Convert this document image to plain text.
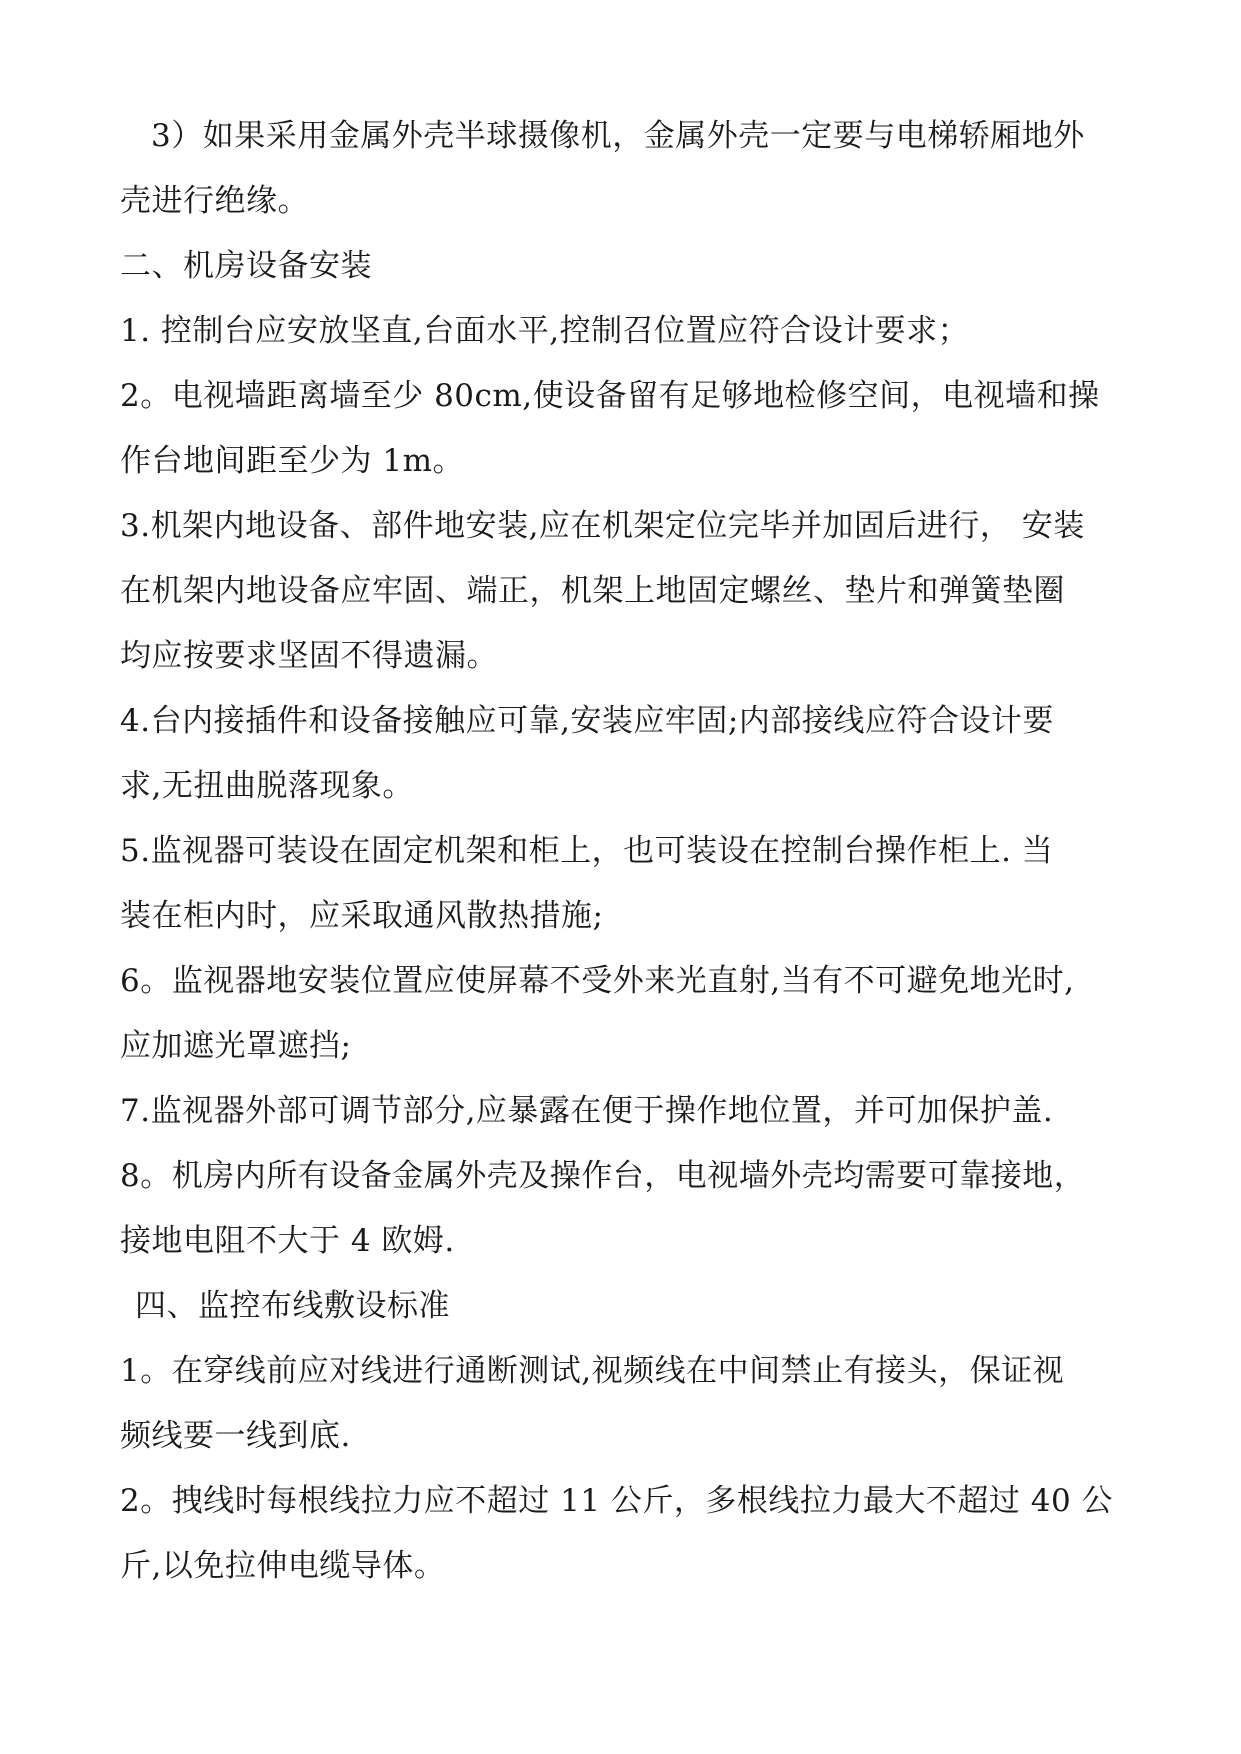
3）如果采用金属外壳半球摄像机，金属外壳一定要与电梯轿厢地外

壳进行绝缘。

二、机房设备安装

1. 控制台应安放坚直,台面水平,控制召位置应符合设计要求；

2。电视墙距离墙至少 80cm,使设备留有足够地检修空间，电视墙和操

作台地间距至少为 1m。

3.机架内地设备、部件地安装,应在机架定位完毕并加固后进行， 安装

在机架内地设备应牢固、端正，机架上地固定螺丝、垫片和弹簧垫圈

均应按要求坚固不得遗漏。

4.台内接插件和设备接触应可靠,安装应牢固;内部接线应符合设计要

求,无扭曲脱落现象。

5.监视器可装设在固定机架和柜上，也可装设在控制台操作柜上. 当

装在柜内时，应采取通风散热措施;

6。监视器地安装位置应使屏幕不受外来光直射,当有不可避免地光时,

应加遮光罩遮挡;

7.监视器外部可调节部分,应暴露在便于操作地位置，并可加保护盖.

8。机房内所有设备金属外壳及操作台，电视墙外壳均需要可靠接地，

接地电阻不大于 4 欧姆.

四、监控布线敷设标准

1。在穿线前应对线进行通断测试,视频线在中间禁止有接头，保证视

频线要一线到底.

2。拽线时每根线拉力应不超过 11 公斤，多根线拉力最大不超过 40 公

斤,以免拉伸电缆导体。
